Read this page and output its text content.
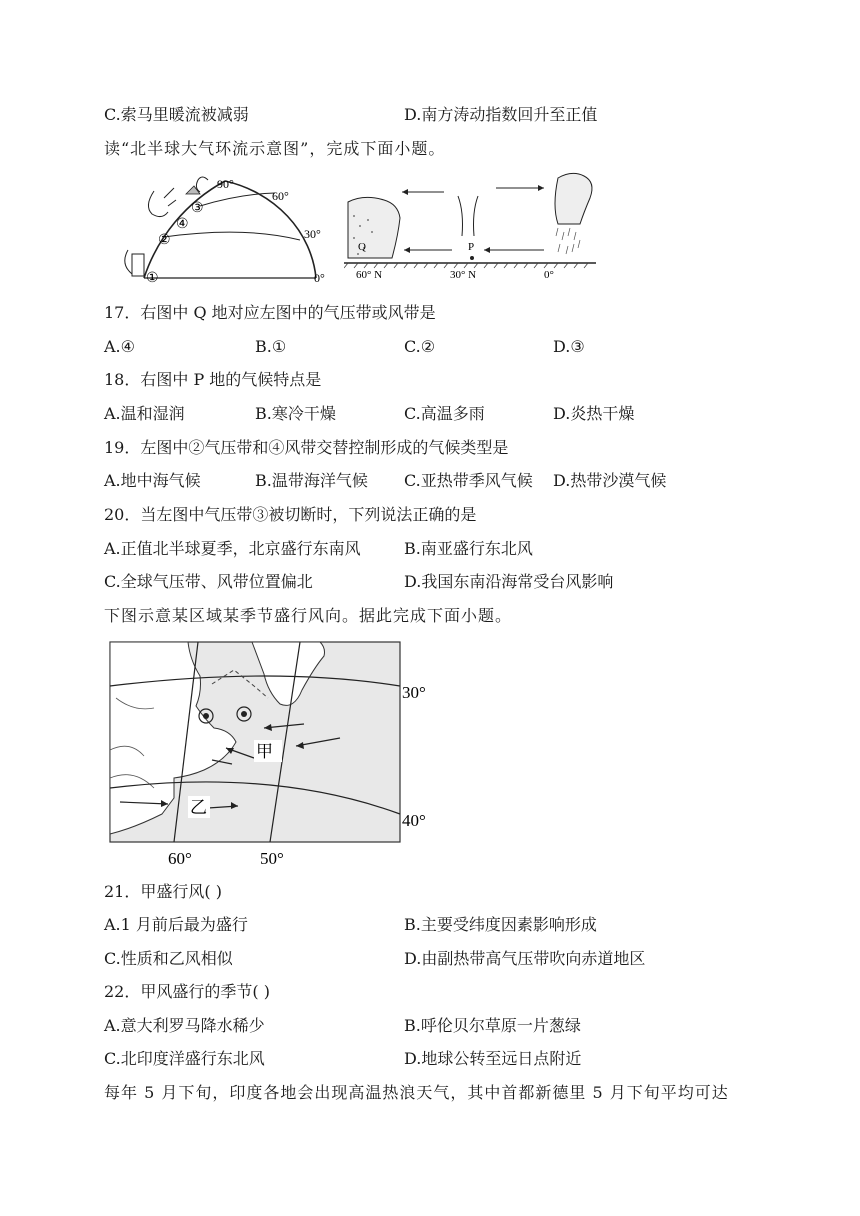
C.索马里暖流被减弱	D.南方涛动指数回升至正值
读“北半球大气环流示意图”，完成下面小题。
90°
60°
30°
0°
①
②
③
④
Q	P
60° N	30° N	0°
17．右图中 Q 地对应左图中的气压带或风带是
A.④	B.①	C.②	D.③
18．右图中 P 地的气候特点是
A.温和湿润	B.寒冷干燥	C.高温多雨	D.炎热干燥
19．左图中②气压带和④风带交替控制形成的气候类型是
A.地中海气候	B.温带海洋气候 C.亚热带季风气候 D.热带沙漠气候
20．当左图中气压带③被切断时，下列说法正确的是
A.正值北半球夏季，北京盛行东南风	B.南亚盛行东北风
C.全球气压带、风带位置偏北	D.我国东南沿海常受台风影响
下图示意某区域某季节盛行风向。据此完成下面小题。
甲
乙
30°
40°
60°	50°
21．甲盛行风( )
A.1 月前后最为盛行	B.主要受纬度因素影响形成
C.性质和乙风相似	D.由副热带高气压带吹向赤道地区
22．甲风盛行的季节( )
A.意大利罗马降水稀少	B.呼伦贝尔草原一片葱绿
C.北印度洋盛行东北风	D.地球公转至远日点附近
每年 5 月下旬，印度各地会出现高温热浪天气，其中首都新德里 5 月下旬平均可达
